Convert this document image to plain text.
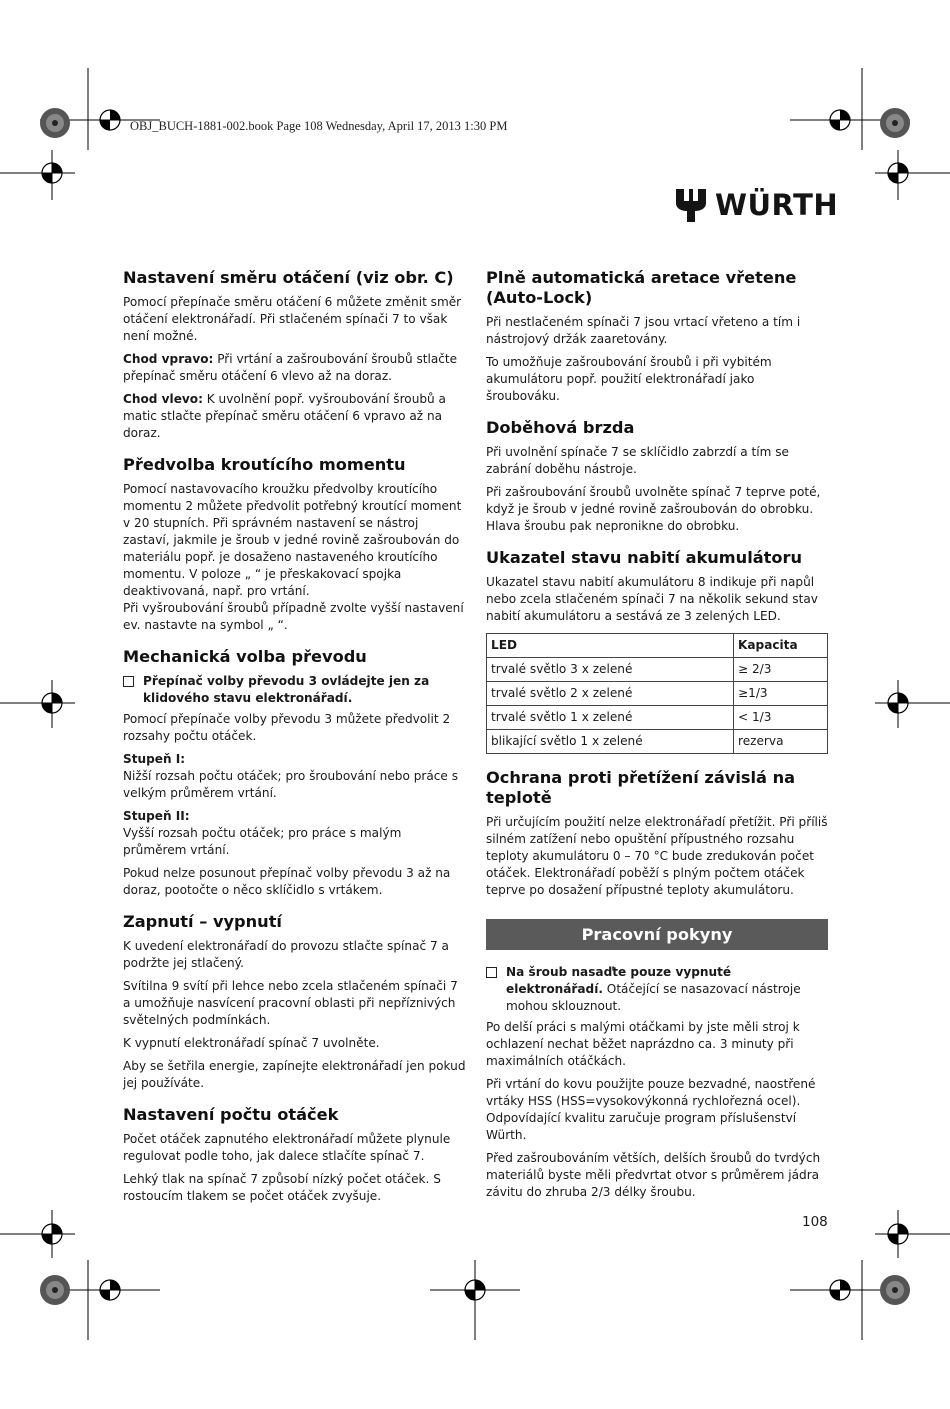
OBJ_BUCH-1881-002.book Page 108 Wednesday, April 17, 2013 1:30 PM
WÜRTH
Nastavení směru otáčení (viz obr. C)

Pomocí přepínače směru otáčení 6 můžete změnit směr otáčení elektronářadí. Při stlačeném spínači 7 to však není možné.

Chod vpravo: Při vrtání a zašroubování šroubů stlačte přepínač směru otáčení 6 vlevo až na doraz.

Chod vlevo: K uvolnění popř. vyšroubování šroubů a matic stlačte přepínač směru otáčení 6 vpravo až na doraz.

Předvolba kroutícího momentu

Pomocí nastavovacího kroužku předvolby kroutícího momentu 2 můžete předvolit potřebný kroutící moment v 20 stupních. Při správném nastavení se nástroj zastaví, jakmile je šroub v jedné rovině zašroubován do materiálu popř. je dosaženo nastaveného kroutícího momentu. V poloze „ “ je přeskakovací spojka deaktivovaná, např. pro vrtání.

Při vyšroubování šroubů případně zvolte vyšší nastavení ev. nastavte na symbol „ “.

Mechanická volba převodu
Přepínač volby převodu 3 ovládejte jen za klidového stavu elektronářadí.

Pomocí přepínače volby převodu 3 můžete předvolit 2 rozsahy počtu otáček.

Stupeň I:

Nižší rozsah počtu otáček; pro šroubování nebo práce s velkým průměrem vrtání.

Stupeň II:

Vyšší rozsah počtu otáček; pro práce s malým průměrem vrtání.

Pokud nelze posunout přepínač volby převodu 3 až na doraz, pootočte o něco sklíčidlo s vrtákem.

Zapnutí – vypnutí

K uvedení elektronářadí do provozu stlačte spínač 7 a podržte jej stlačený.

Svítilna 9 svítí při lehce nebo zcela stlačeném spínači 7 a umožňuje nasvícení pracovní oblasti při nepříznivých světelných podmínkách.

K vypnutí elektronářadí spínač 7 uvolněte.

Aby se šetřila energie, zapínejte elektronářadí jen pokud jej používáte.

Nastavení počtu otáček

Počet otáček zapnutého elektronářadí můžete plynule regulovat podle toho, jak dalece stlačíte spínač 7.

Lehký tlak na spínač 7 způsobí nízký počet otáček. S rostoucím tlakem se počet otáček zvyšuje.

Plně automatická aretace vřetene (Auto-Lock)

Při nestlačeném spínači 7 jsou vrtací vřeteno a tím i nástrojový držák zaaretovány.

To umožňuje zašroubování šroubů i při vybitém akumulátoru popř. použití elektronářadí jako šroubováku.

Doběhová brzda

Při uvolnění spínače 7 se sklíčidlo zabrzdí a tím se zabrání doběhu nástroje.

Při zašroubování šroubů uvolněte spínač 7 teprve poté, když je šroub v jedné rovině zašroubován do obrobku. Hlava šroubu pak nepronikne do obrobku.

Ukazatel stavu nabití akumulátoru

Ukazatel stavu nabití akumulátoru 8 indikuje při napůl nebo zcela stlačeném spínači 7 na několik sekund stav nabití akumulátoru a sestává ze 3 zelených LED.

LED	Kapacita
trvalé světlo 3 x zelené	≥ 2/3
trvalé světlo 2 x zelené	≥1/3
trvalé světlo 1 x zelené	< 1/3
blikající světlo 1 x zelené	rezerva
Ochrana proti přetížení závislá na teplotě

Při určujícím použití nelze elektronářadí přetížit. Při příliš silném zatížení nebo opuštění přípustného rozsahu teploty akumulátoru 0 – 70 °C bude zredukován počet otáček. Elektronářadí poběží s plným počtem otáček teprve po dosažení přípustné teploty akumulátoru.

Pracovní pokyny
Na šroub nasaďte pouze vypnuté elektronářadí. Otáčející se nasazovací nástroje mohou sklouznout.

Po delší práci s malými otáčkami by jste měli stroj k ochlazení nechat běžet naprázdno ca. 3 minuty při maximálních otáčkách.

Při vrtání do kovu použijte pouze bezvadné, naostřené vrtáky HSS (HSS=vysokovýkonná rychlořezná ocel). Odpovídající kvalitu zaručuje program příslušenství Würth.

Před zašroubováním větších, delších šroubů do tvrdých materiálů byste měli předvrtat otvor s průměrem jádra závitu do zhruba 2/3 délky šroubu.

108
